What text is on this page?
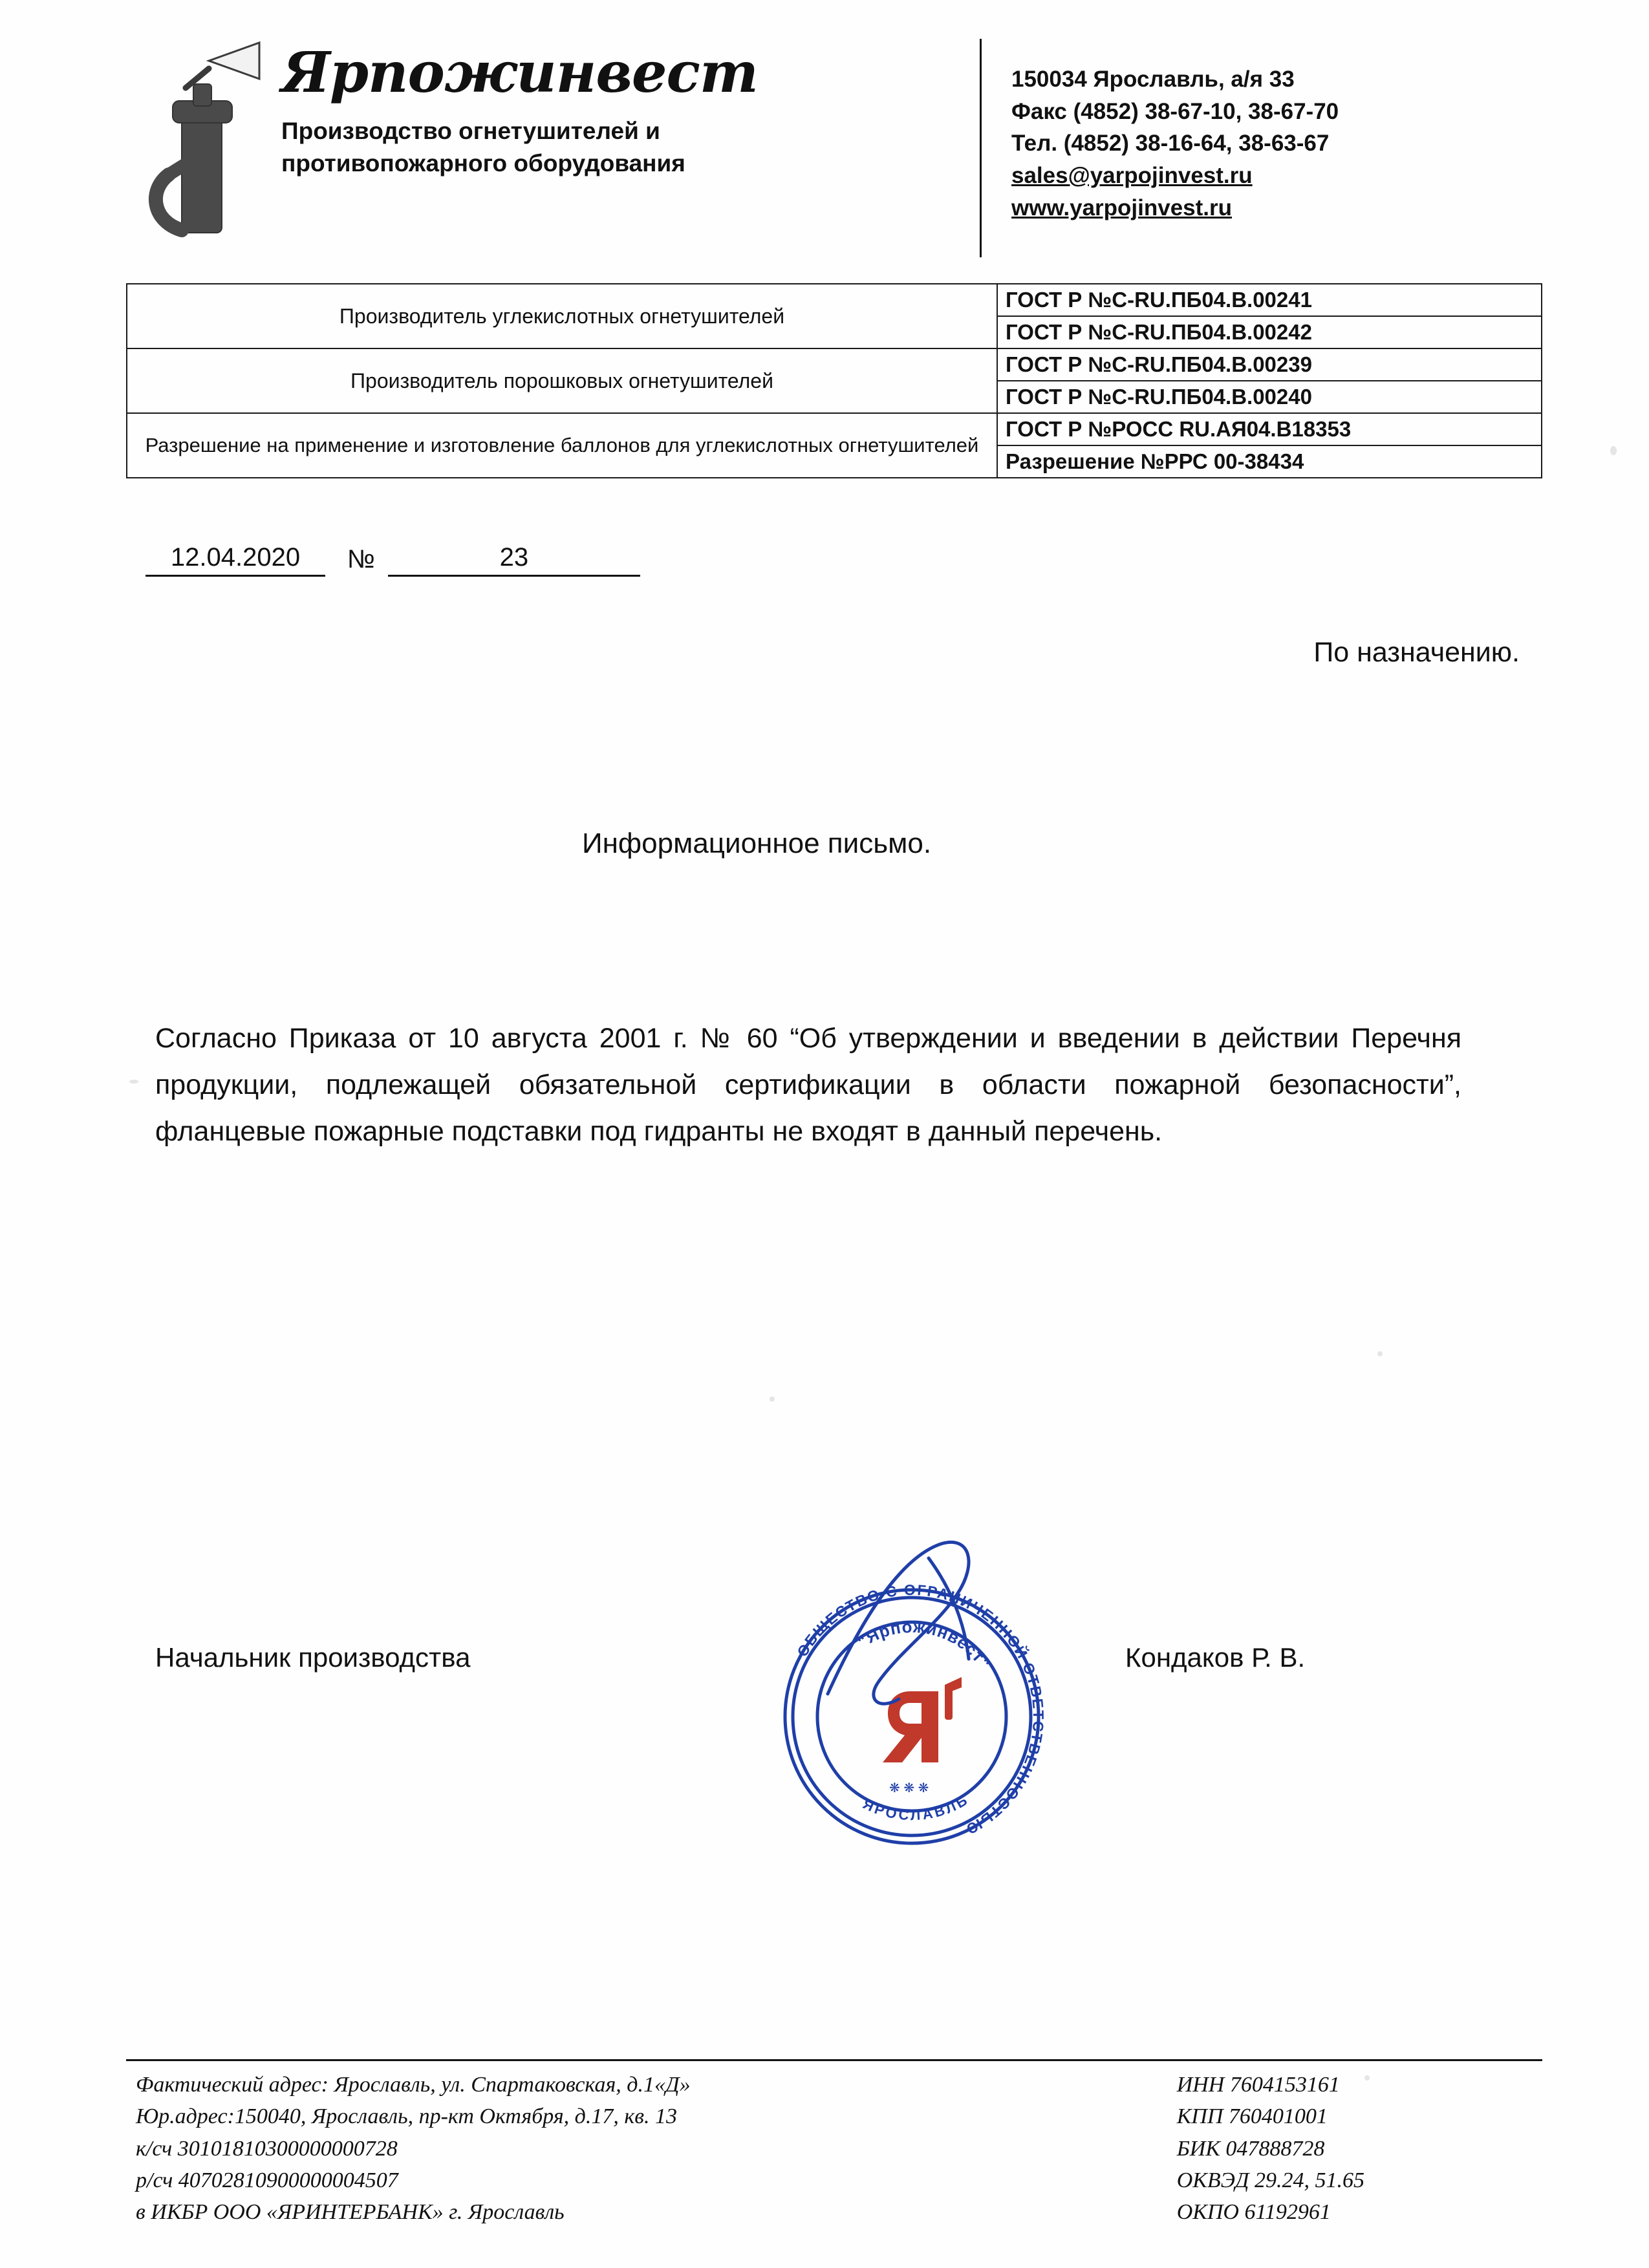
Ярпожинвест
Производство огнетушителей и
противопожарного оборудования
150034 Ярославль, а/я 33
Факс (4852) 38-67-10, 38-67-70
Тел. (4852) 38-16-64, 38-63-67
sales@yarpojinvest.ru
www.yarpojinvest.ru
Производитель углекислотных огнетушителей	ГОСТ Р №С-RU.ПБ04.В.00241
	ГОСТ Р №С-RU.ПБ04.В.00242
Производитель порошковых огнетушителей	ГОСТ Р №С-RU.ПБ04.В.00239
	ГОСТ Р №С-RU.ПБ04.В.00240
Разрешение на применение и изготовление баллонов для углекислотных огнетушителей	ГОСТ Р №РОСС RU.АЯ04.В18353
	Разрешение №РРС 00-38434
12.04.2020	№	23
По назначению.
Информационное письмо.
Согласно Приказа от 10 августа 2001 г. № 60 “Об утверждении и введении в действии Перечня продукции, подлежащей обязательной сертификации в области пожарной безопасности”, фланцевые пожарные подставки под гидранты не входят в данный перечень.
Начальник производства	Кондаков Р. В.
ОБЩЕСТВО С ОГРАНИЧЕННОЙ ОТВЕТСТВЕННОСТЬЮ
"Ярпожинвест"
ЯРОСЛАВЛЬ
❋ ❋ ❋
Фактический адрес: Ярославль, ул. Спартаковская, д.1«Д»
Юр.адрес:150040, Ярославль, пр-кт Октября, д.17, кв. 13
к/сч 30101810300000000728
р/сч 40702810900000004507
в ИКБР ООО «ЯРИНТЕРБАНК» г. Ярославль
ИНН 7604153161
КПП 760401001
БИК 047888728
ОКВЭД 29.24, 51.65
ОКПО 61192961
